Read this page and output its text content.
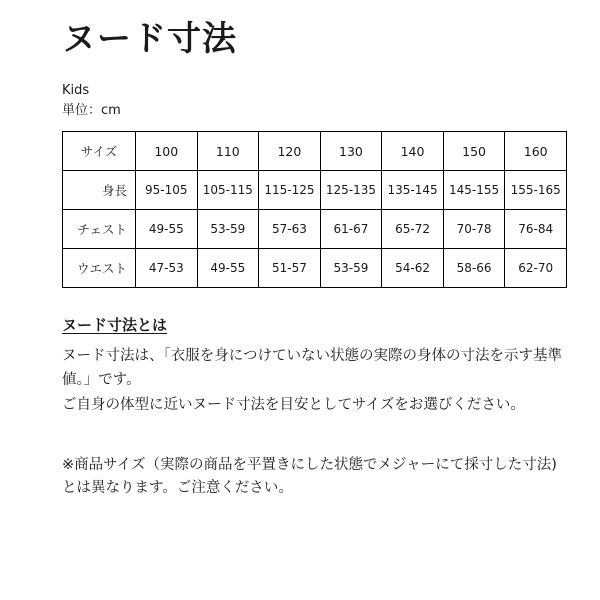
ヌード寸法
Kids
単位：cm
サイズ	100	110	120	130	140	150	160
身長	95-105	105-115	115-125	125-135	135-145	145-155	155-165
チェスト	49-55	53-59	57-63	61-67	65-72	70-78	76-84
ウエスト	47-53	49-55	51-57	53-59	54-62	58-66	62-70
ヌード寸法とは

ヌード寸法は、「衣服を身につけていない状態の実際の身体の寸法を示す基準値。」です。

ご自身の体型に近いヌード寸法を目安としてサイズをお選びください。

※商品サイズ（実際の商品を平置きにした状態でメジャーにて採寸した寸法)とは異なります。ご注意ください。
